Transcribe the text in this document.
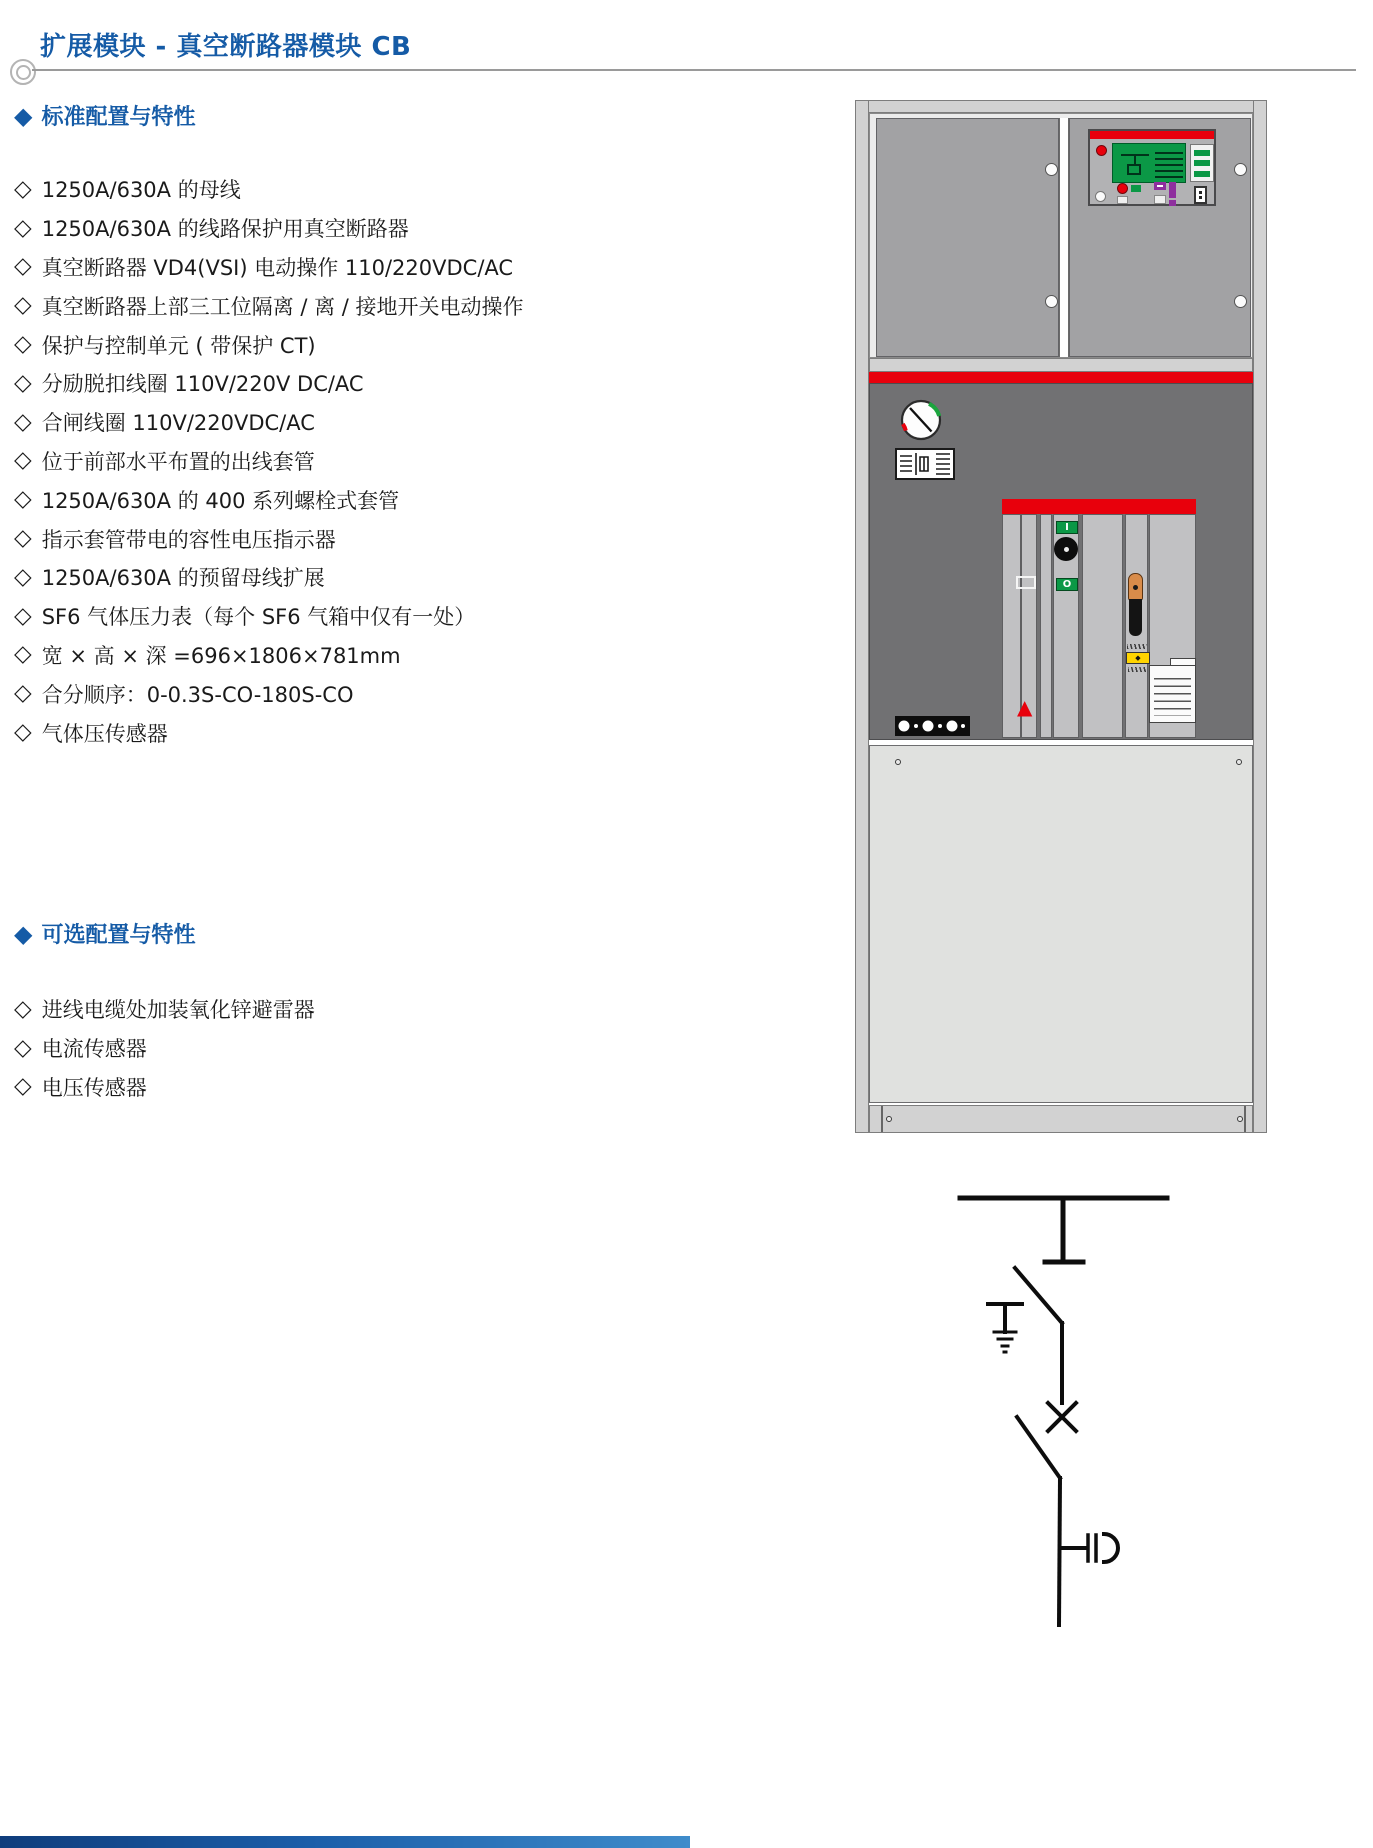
扩展模块 - 真空断路器模块 CB
◆ 标准配置与特性
◇ 1250A/630A 的母线
◇ 1250A/630A 的线路保护用真空断路器
◇ 真空断路器 VD4(VSI) 电动操作 110/220VDC/AC
◇ 真空断路器上部三工位隔离 / 离 / 接地开关电动操作
◇ 保护与控制单元 ( 带保护 CT)
◇ 分励脱扣线圈 110V/220V DC/AC
◇ 合闸线圈 110V/220VDC/AC
◇ 位于前部水平布置的出线套管
◇ 1250A/630A 的 400 系列螺栓式套管
◇ 指示套管带电的容性电压指示器
◇ 1250A/630A 的预留母线扩展
◇ SF6 气体压力表（每个 SF6 气箱中仅有一处）
◇ 宽 × 高 × 深 =696×1806×781mm
◇ 合分顺序：0-0.3S-CO-180S-CO
◇ 气体压传感器
◆ 可选配置与特性
◇ 进线电缆处加装氧化锌避雷器
◇ 电流传感器
◇ 电压传感器
I
O
◆
▲
